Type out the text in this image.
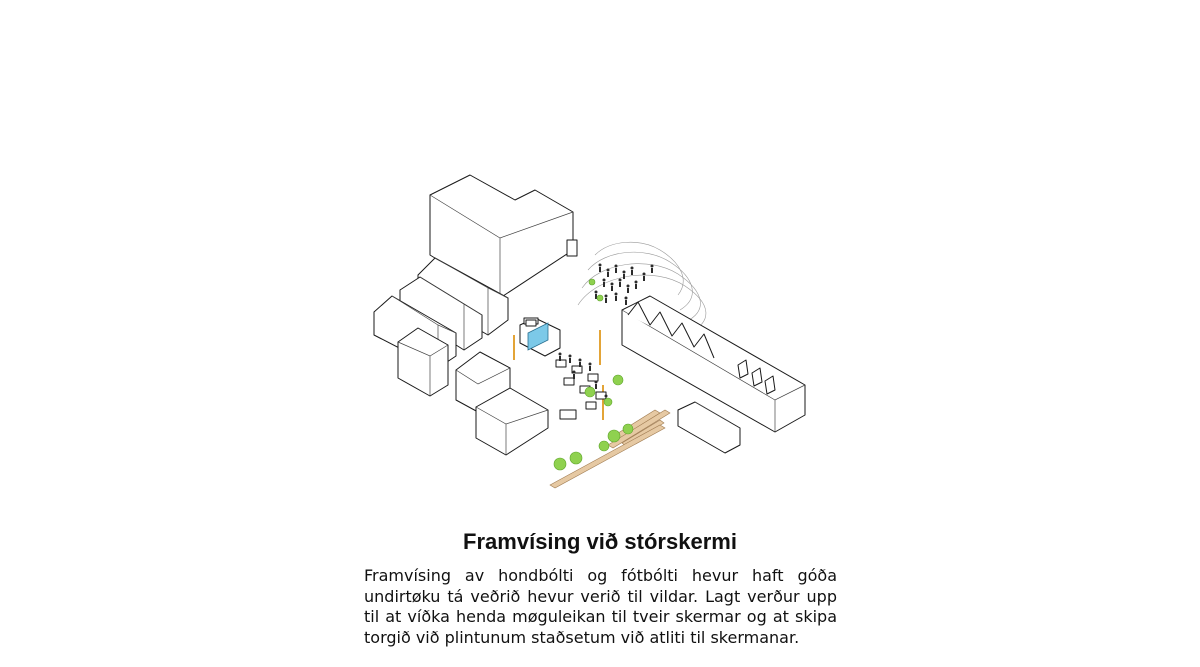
Framvísing við stórskermi

Framvísing av hondbólti og fótbólti hevur haft góða undirtøku tá veðrið hevur verið til vildar. Lagt verður upp til at víðka henda møguleikan til tveir skermar og at skipa torgið við plintunum staðsetum við atliti til skermanar.
